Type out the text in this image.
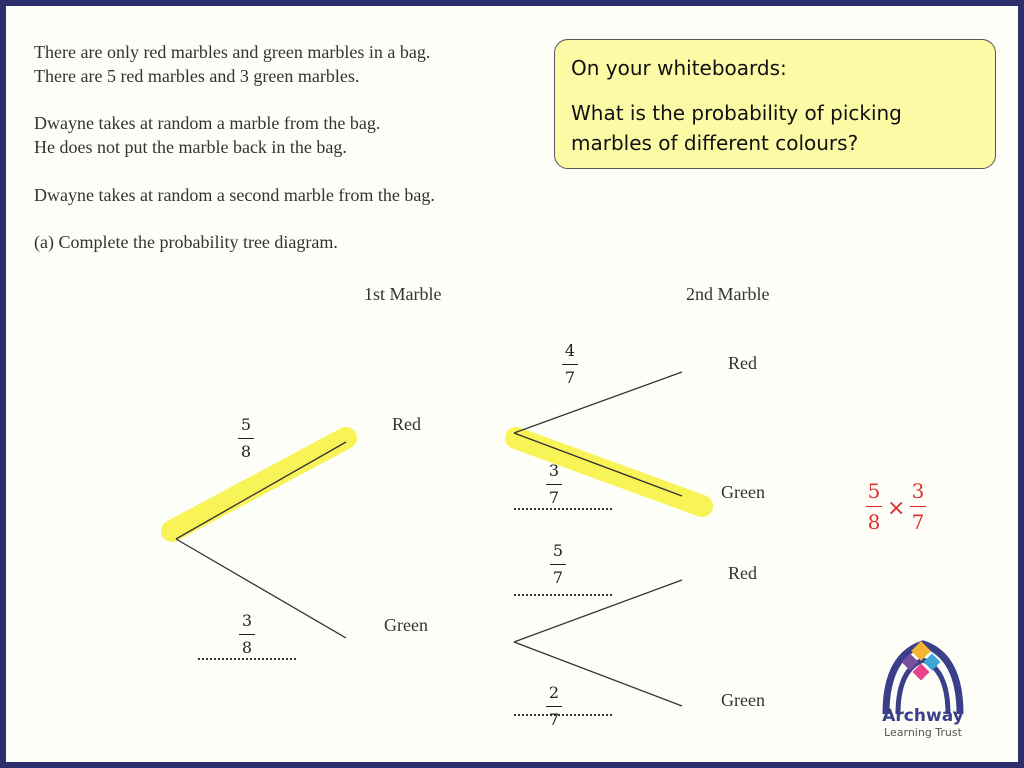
There are only red marbles and green marbles in a bag.
There are 5 red marbles and 3 green marbles.
Dwayne takes at random a marble from the bag.
He does not put the marble back in the bag.
Dwayne takes at random a second marble from the bag.
(a) Complete the probability tree diagram.
On your whiteboards:
What is the probability of picking marbles of different colours?
1st Marble	2nd Marble
Red
Green
Red
Green
Red
Green
5
8
3
8
4
7
3
7
5
7
2
7
5
8
×
3
7
Archway
Learning Trust
